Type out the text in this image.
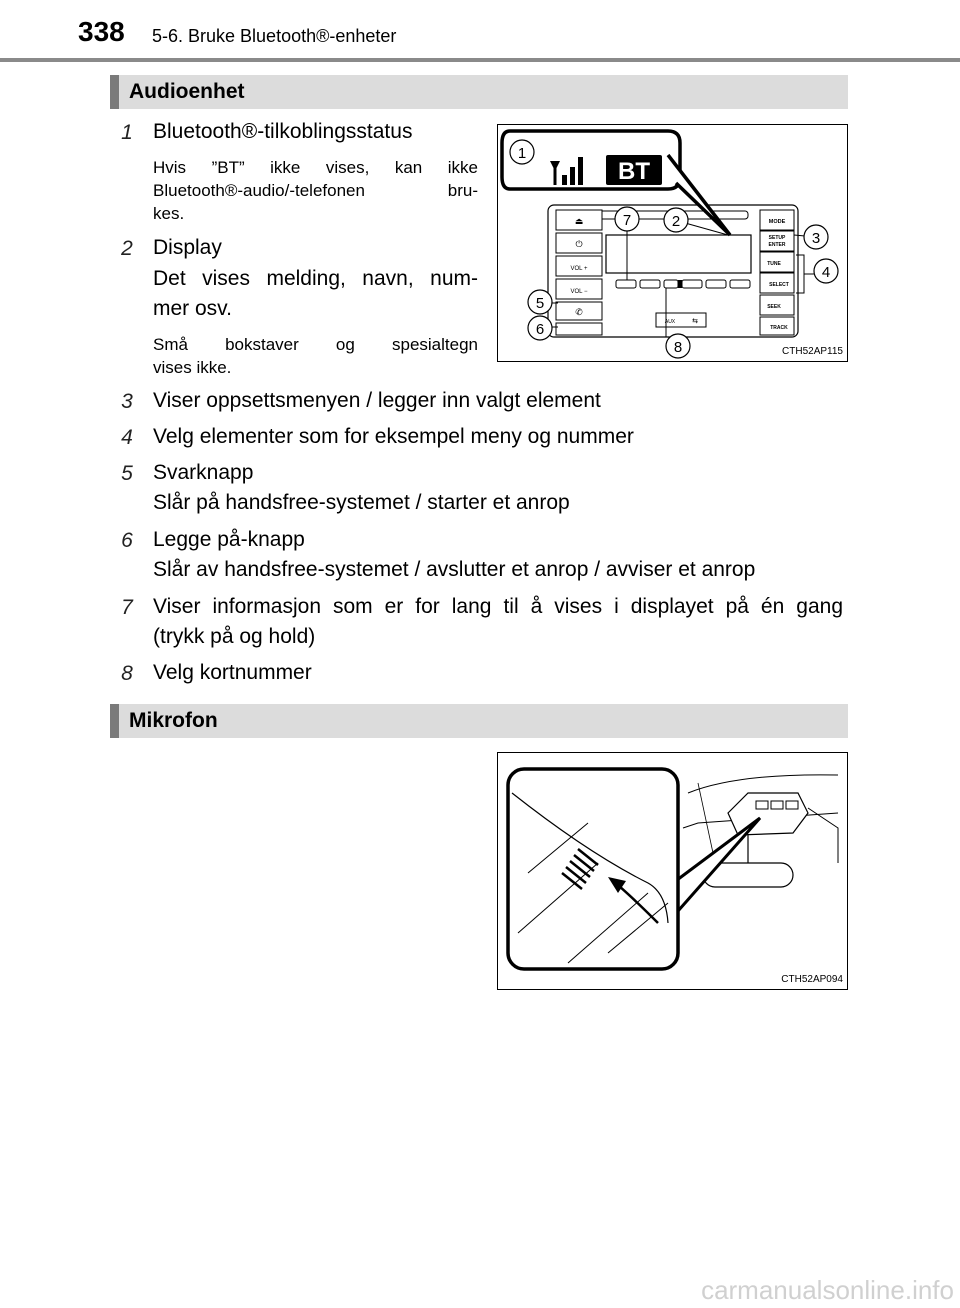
338 5-6. Bruke Bluetooth®-enheter
Audioenhet
1 Bluetooth®-tilkoblingsstatus
Hvis ”BT” ikke vises, kan ikke
Bluetooth®-audio/-telefonen bru-
kes.
2 Display
Det vises melding, navn, num-
mer osv.
Små bokstaver og spesialtegn
vises ikke.
⏏
⏻
VOL +
VOL −
✆
AUX ⇆
MODE
SETUP
ENTER
TUNE
SELECT
SEEK
TRACK
BT
1
2
3
4
5
6
7
8	CTH52AP115
3 Viser oppsettsmenyen / legger inn valgt element
4 Velg elementer som for eksempel meny og nummer
5 Svarknapp
Slår på handsfree-systemet / starter et anrop
6 Legge på-knapp
Slår av handsfree-systemet / avslutter et anrop / avviser et anrop
7 Viser informasjon som er for lang til å vises i displayet på én gang
(trykk på og hold)
8 Velg kortnummer
Mikrofon
CTH52AP094
carmanualsonline.info
